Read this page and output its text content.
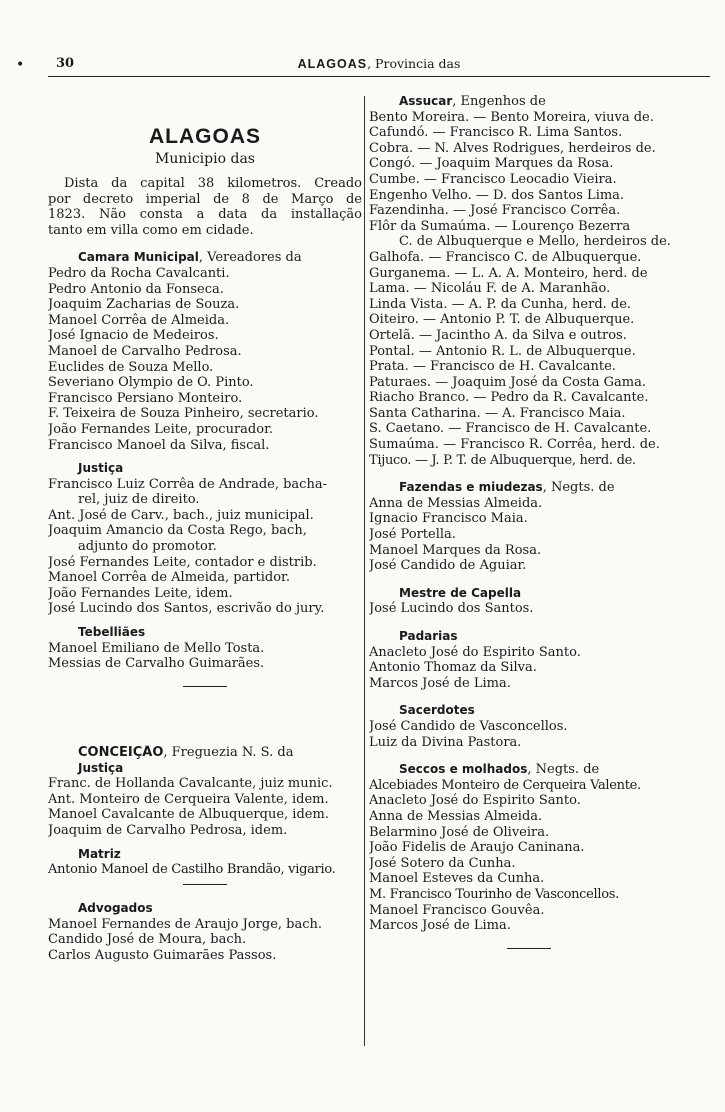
• 30	ALAGOAS, Provincia das
ALAGOAS
Municipio das
Dista da capital 38 kilometros. Creado
por decreto imperial de 8 de Março de
1823. Não consta a data da installação
tanto em villa como em cidade.
Camara Municipal, Vereadores da
Pedro da Rocha Cavalcanti.
Pedro Antonio da Fonseca.
Joaquim Zacharias de Souza.
Manoel Corrêa de Almeida.
José Ignacio de Medeiros.
Manoel de Carvalho Pedrosa.
Euclides de Souza Mello.
Severiano Olympio de O. Pinto.
Francisco Persiano Monteiro.
F. Teixeira de Souza Pinheiro, secretario.
João Fernandes Leite, procurador.
Francisco Manoel da Silva, fiscal.
Justiça
Francisco Luiz Corrêa de Andrade, bacha-
rel, juiz de direito.
Ant. José de Carv., bach., juiz municipal.
Joaquim Amancio da Costa Rego, bach,
adjunto do promotor.
José Fernandes Leite, contador e distrib.
Manoel Corrêa de Almeida, partidor.
João Fernandes Leite, idem.
José Lucindo dos Santos, escrivão do jury.
Tebelliães
Manoel Emiliano de Mello Tosta.
Messias de Carvalho Guimarães.
CONCEIÇÃO, Freguezia N. S. da
Justiça
Franc. de Hollanda Cavalcante, juiz munic.
Ant. Monteiro de Cerqueira Valente, idem.
Manoel Cavalcante de Albuquerque, idem.
Joaquim de Carvalho Pedrosa, idem.
Matriz
Antonio Manoel de Castilho Brandão, vigario.
Advogados
Manoel Fernandes de Araujo Jorge, bach.
Candido José de Moura, bach.
Carlos Augusto Guimarães Passos.
Assucar, Engenhos de
Bento Moreira. — Bento Moreira, viuva de.
Cafundó. — Francisco R. Lima Santos.
Cobra. — N. Alves Rodrigues, herdeiros de.
Congó. — Joaquim Marques da Rosa.
Cumbe. — Francisco Leocadio Vieira.
Engenho Velho. — D. dos Santos Lima.
Fazendinha. — José Francisco Corrêa.
Flôr da Sumaúma. — Lourenço Bezerra
C. de Albuquerque e Mello, herdeiros de.
Galhofa. — Francisco C. de Albuquerque.
Gurganema. — L. A. A. Monteiro, herd. de
Lama. — Nicoláu F. de A. Maranhão.
Linda Vista. — A. P. da Cunha, herd. de.
Oiteiro. — Antonio P. T. de Albuquerque.
Ortelã. — Jacintho A. da Silva e outros.
Pontal. — Antonio R. L. de Albuquerque.
Prata. — Francisco de H. Cavalcante.
Paturaes. — Joaquim José da Costa Gama.
Riacho Branco. — Pedro da R. Cavalcante.
Santa Catharina. — A. Francisco Maia.
S. Caetano. — Francisco de H. Cavalcante.
Sumaúma. — Francisco R. Corrêa, herd. de.
Tijuco. — J. P. T. de Albuquerque, herd. de.
Fazendas e miudezas, Negts. de
Anna de Messias Almeida.
Ignacio Francisco Maia.
José Portella.
Manoel Marques da Rosa.
José Candido de Aguiar.
Mestre de Capella
José Lucindo dos Santos.
Padarias
Anacleto José do Espirito Santo.
Antonio Thomaz da Silva.
Marcos José de Lima.
Sacerdotes
José Candido de Vasconcellos.
Luiz da Divina Pastora.
Seccos e molhados, Negts. de
Alcebiades Monteiro de Cerqueira Valente.
Anacleto José do Espirito Santo.
Anna de Messias Almeida.
Belarmino José de Oliveira.
João Fidelis de Araujo Caninana.
José Sotero da Cunha.
Manoel Esteves da Cunha.
M. Francisco Tourinho de Vasconcellos.
Manoel Francisco Gouvêa.
Marcos José de Lima.
